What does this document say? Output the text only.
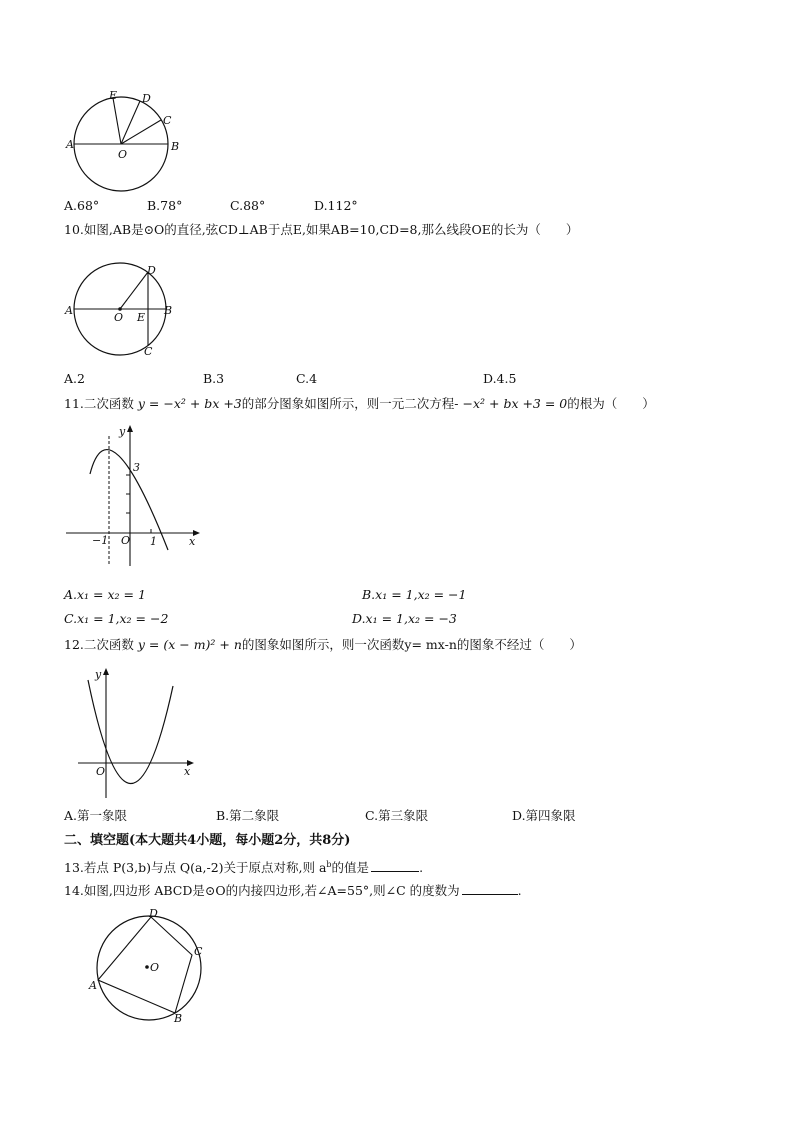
E D
C
A	B
O
A.68°	B.78°	C.88°	D.112°
10.如图,AB是⊙O的直径,弦CD⊥AB于点E,如果AB=10,CD=8,那么线段OE的长为（　　）
D
A	B
O E
C
A.2	B.3	C.4	D.4.5
11.二次函数 y = −x² + bx +3的部分图象如图所示，则一元二次方程- −x² + bx +3 = 0的根为（　　）
y
3
−1 O 1	x
A.x₁ = x₂ = 1	B.x₁ = 1,x₂ = −1
C.x₁ = 1,x₂ = −2	D.x₁ = 1,x₂ = −3
12.二次函数 y = (x − m)² + n的图象如图所示，则一次函数y= mx-n的图象不经过（　　）
y
O	x
A.第一象限	B.第二象限	C.第三象限	D.第四象限
二、填空题(本大题共4小题，每小题2分，共8分)
13.若点 P(3,b)与点 Q(a,-2)关于原点对称,则 $a^b$的值是	.
14.如图,四边形 ABCD是⊙O的内接四边形,若∠A=55°,则∠C 的度数为	.
D
C
O
A
B
